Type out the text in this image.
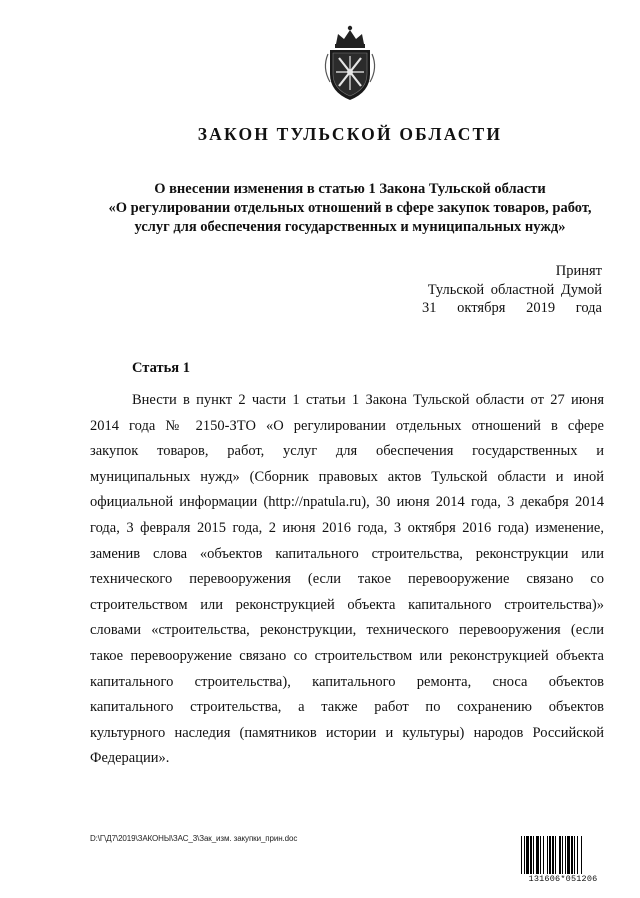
ЗАКОН ТУЛЬСКОЙ ОБЛАСТИ
О внесении изменения в статью 1 Закона Тульской области
«О регулировании отдельных отношений в сфере закупок товаров, работ,
услуг для обеспечения государственных и муниципальных нужд»
Принят
Тульской областной Думой
31 октября 2019 года
Статья 1
Внести в пункт 2 части 1 статьи 1 Закона Тульской области от 27 июня
2014 года № 2150-ЗТО «О регулировании отдельных отношений в сфере
закупок товаров, работ, услуг для обеспечения государственных и
муниципальных нужд» (Сборник правовых актов Тульской области и иной
официальной информации (http://npatula.ru), 30 июня 2014 года, 3 декабря 2014
года, 3 февраля 2015 года, 2 июня 2016 года, 3 октября 2016 года) изменение,
заменив слова «объектов капитального строительства, реконструкции или
технического перевооружения (если такое перевооружение связано со
строительством или реконструкцией объекта капитального строительства)»
словами «строительства, реконструкции, технического перевооружения (если
такое перевооружение связано со строительством или реконструкцией объекта
капитального строительства), капитального ремонта, сноса объектов
капитального строительства, а также работ по сохранению объектов
культурного наследия (памятников истории и культуры) народов Российской
Федерации».
D:\Г\Д7\2019\ЗАКОНЫ\ЗАС_3\Зак_изм. закупки_прин.doc
131606*051206
